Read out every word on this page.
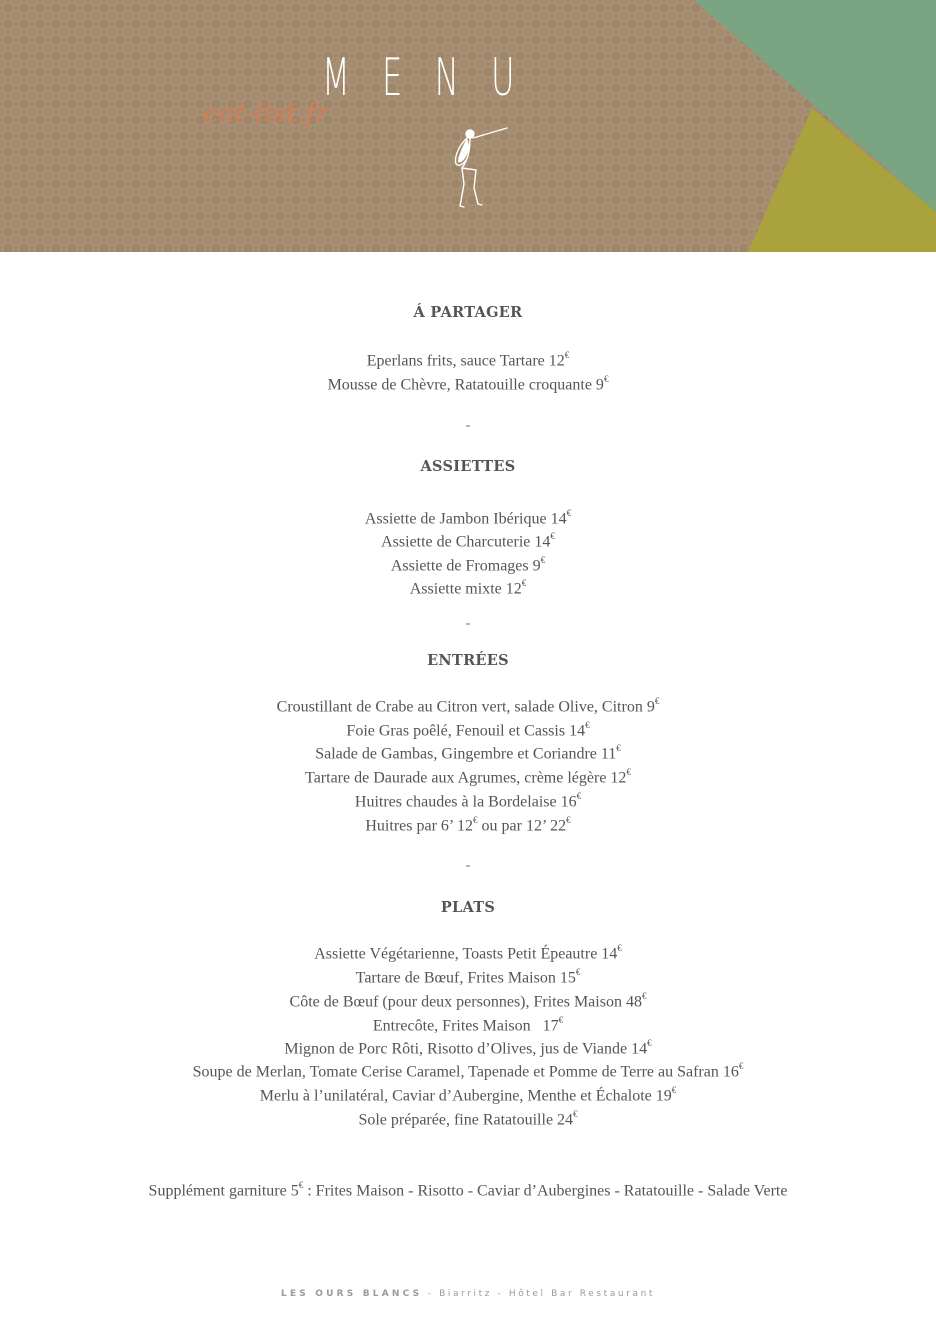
eat-list.fr
MENU
Á PARTAGER
Eperlans frits, sauce Tartare 12€
Mousse de Chèvre, Ratatouille croquante 9€
-
ASSIETTES
Assiette de Jambon Ibérique 14€
Assiette de Charcuterie 14€
Assiette de Fromages 9€
Assiette mixte 12€
-
ENTRÉES
Croustillant de Crabe au Citron vert, salade Olive, Citron 9€
Foie Gras poêlé, Fenouil et Cassis 14€
Salade de Gambas, Gingembre et Coriandre 11€
Tartare de Daurade aux Agrumes, crème légère 12€
Huitres chaudes à la Bordelaise 16€
Huitres par 6’ 12€ ou par 12’ 22€
-
PLATS
Assiette Végétarienne, Toasts Petit Épeautre 14€
Tartare de Bœuf, Frites Maison 15€
Côte de Bœuf (pour deux personnes), Frites Maison 48€
Entrecôte, Frites Maison   17€
Mignon de Porc Rôti, Risotto d’Olives, jus de Viande 14€
Soupe de Merlan, Tomate Cerise Caramel, Tapenade et Pomme de Terre au Safran 16€
Merlu à l’unilatéral, Caviar d’Aubergine, Menthe et Échalote 19€
Sole préparée, fine Ratatouille 24€
Supplément garniture 5€ : Frites Maison - Risotto - Caviar d’Aubergines - Ratatouille - Salade Verte
LES OURS BLANCS - Biarritz - Hôtel Bar Restaurant
